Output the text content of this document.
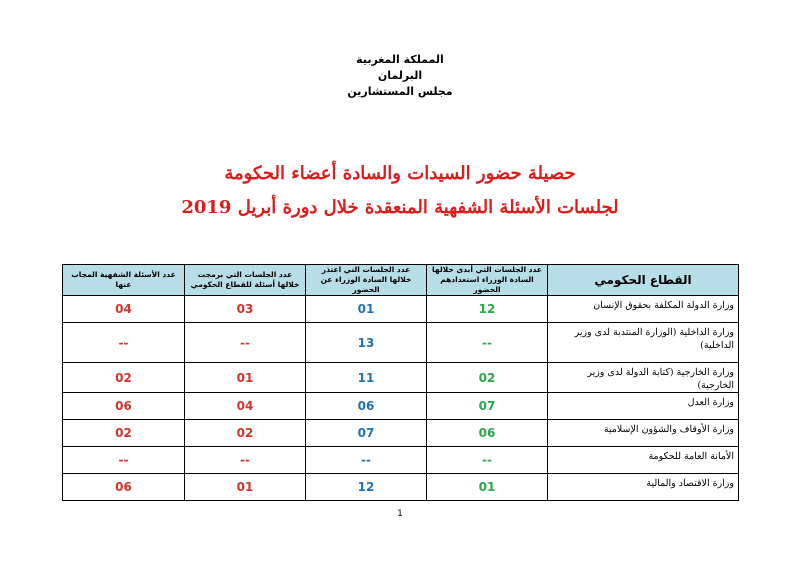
المملكة المغربية
البرلمان
مجلس المستشارين
حصيلة حضور السيدات والسادة أعضاء الحكومة
لجلسات الأسئلة الشفهية المنعقدة خلال دورة أبريل 2019
القطاع الحكومي	عدد الجلسات التي أبدى خلالها السادة الوزراء استعدادهم الحضور	عدد الجلسات التي اعتذر خلالها السادة الوزراء عن الحضور	عدد الجلسات التي برمجت خلالها أسئلة للقطاع الحكومي	عدد الأسئلة الشفهية المجاب عنها
وزارة الدولة المكلفة بحقوق الإنسان	12	01	03	04
وزارة الداخلية (الوزارة المنتدبة لدى وزير الداخلية)	--	13	--	--
وزارة الخارجية (كتابة الدولة لدى وزير الخارجية)	02	11	01	02
وزارة العدل	07	06	04	06
وزارة الأوقاف والشؤون الإسلامية	06	07	02	02
الأمانة العامة للحكومة	--	--	--	--
وزارة الاقتصاد والمالية	01	12	01	06
1
